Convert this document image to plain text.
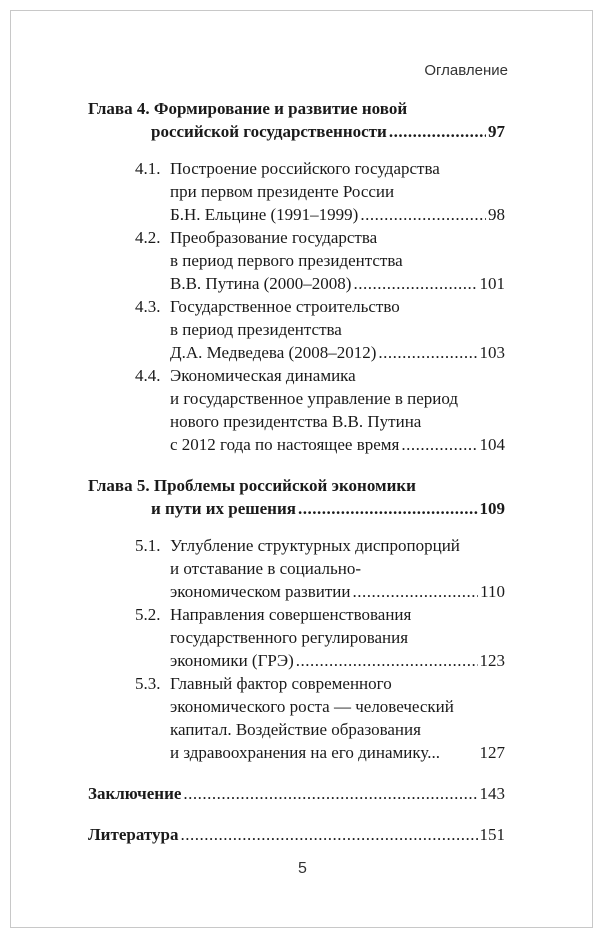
Оглавление
Глава 4. Формирование и развитие новой
российской государственности .....	97
4.1. Построение российского государства
при первом президенте России
Б.Н. Ельцине (1991–1999) .....	98
4.2. Преобразование государства
в период первого президентства
В.В. Путина (2000–2008) .....	101
4.3. Государственное строительство
в период президентства
Д.А. Медведева (2008–2012) .....	103
4.4. Экономическая динамика
и государственное управление в период
нового президентства В.В. Путина
с 2012 года по настоящее время .....	104
Глава 5. Проблемы российской экономики
и пути их решения .....	109
5.1. Углубление структурных диспропорций
и отставание в социально-
экономическом развитии .....	110
5.2. Направления совершенствования
государственного регулирования
экономики (ГРЭ) .....	123
5.3. Главный фактор современного
экономического роста — человеческий
капитал. Воздействие образования
и здравоохранения на его динамику... 127
Заключение .....	143
Литература .....	151
5
